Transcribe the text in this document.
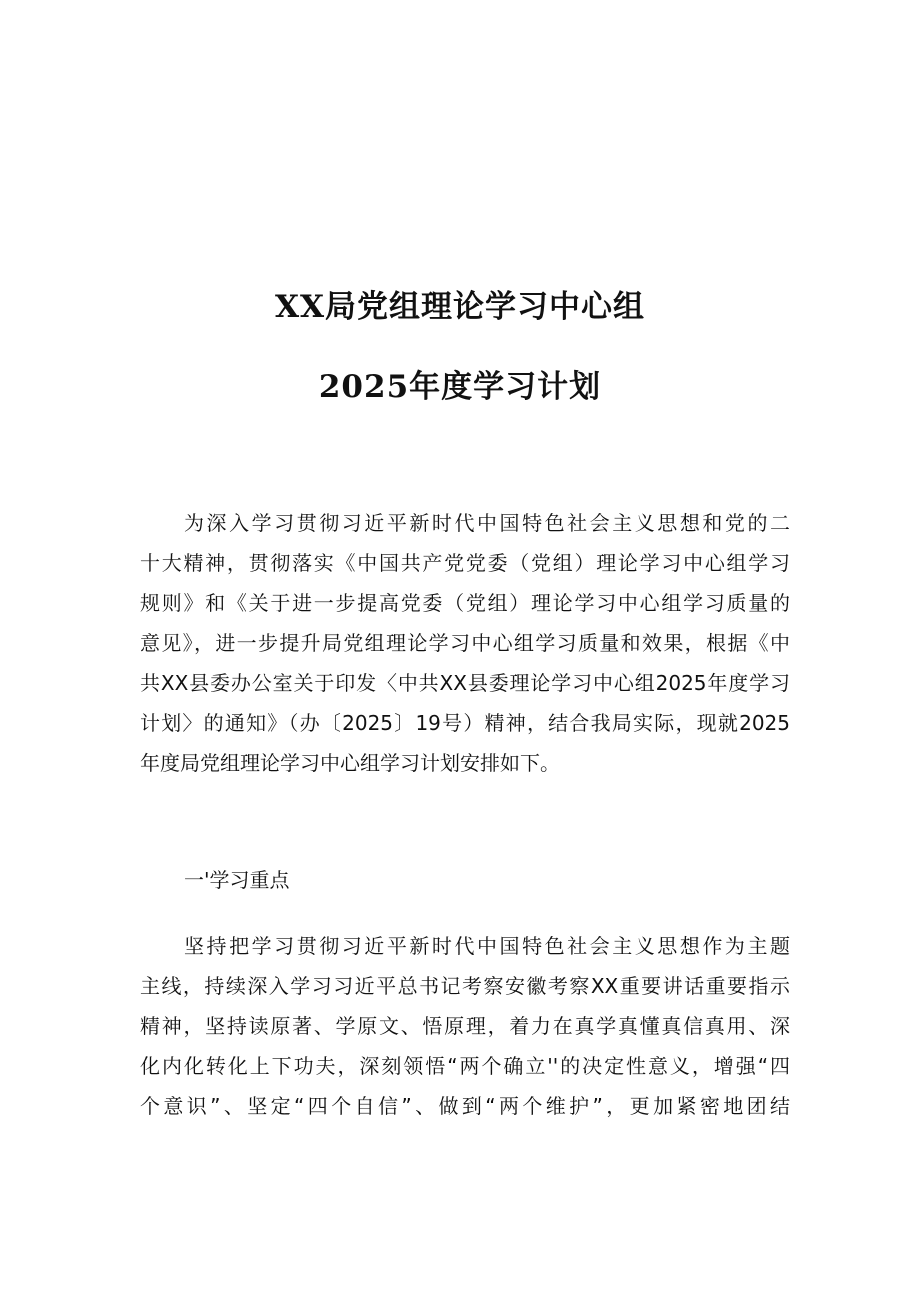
XX局党组理论学习中心组
2025年度学习计划
为深入学习贯彻习近平新时代中国特色社会主义思想和党的二
十大精神，贯彻落实《中国共产党党委（党组）理论学习中心组学习
规则》和《关于进一步提高党委（党组）理论学习中心组学习质量的
意见》，进一步提升局党组理论学习中心组学习质量和效果，根据《中
共XX县委办公室关于印发〈中共XX县委理论学习中心组2025年度学习
计划〉的通知》（办〔2025〕19号）精神，结合我局实际，现就2025
年度局党组理论学习中心组学习计划安排如下。
一'学习重点
坚持把学习贯彻习近平新时代中国特色社会主义思想作为主题
主线，持续深入学习习近平总书记考察安徽考察XX重要讲话重要指示
精神，坚持读原著、学原文、悟原理，着力在真学真懂真信真用、深
化内化转化上下功夫，深刻领悟“两个确立''的决定性意义，增强“四
个意识”、坚定“四个自信”、做到“两个维护”，更加紧密地团结
